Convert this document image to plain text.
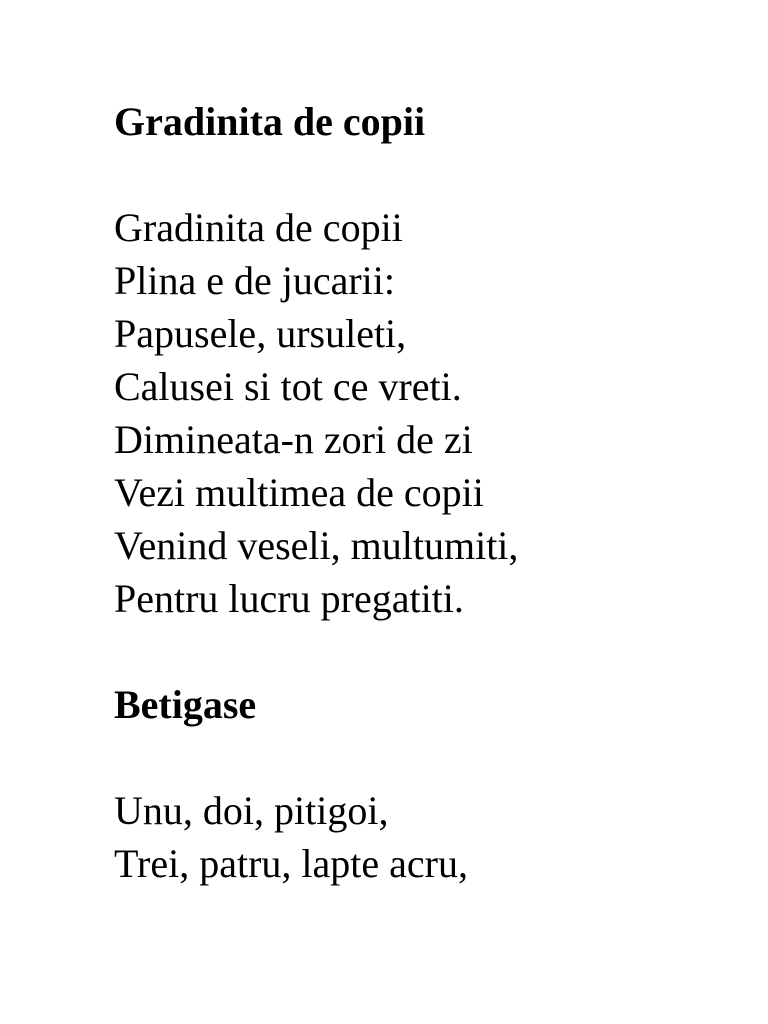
Gradinita de copii
Gradinita de copii
Plina e de jucarii:
Papusele, ursuleti,
Calusei si tot ce vreti.
Dimineata-n zori de zi
Vezi multimea de copii
Venind veseli, multumiti,
Pentru lucru pregatiti.
Betigase
Unu, doi, pitigoi,
Trei, patru, lapte acru,
